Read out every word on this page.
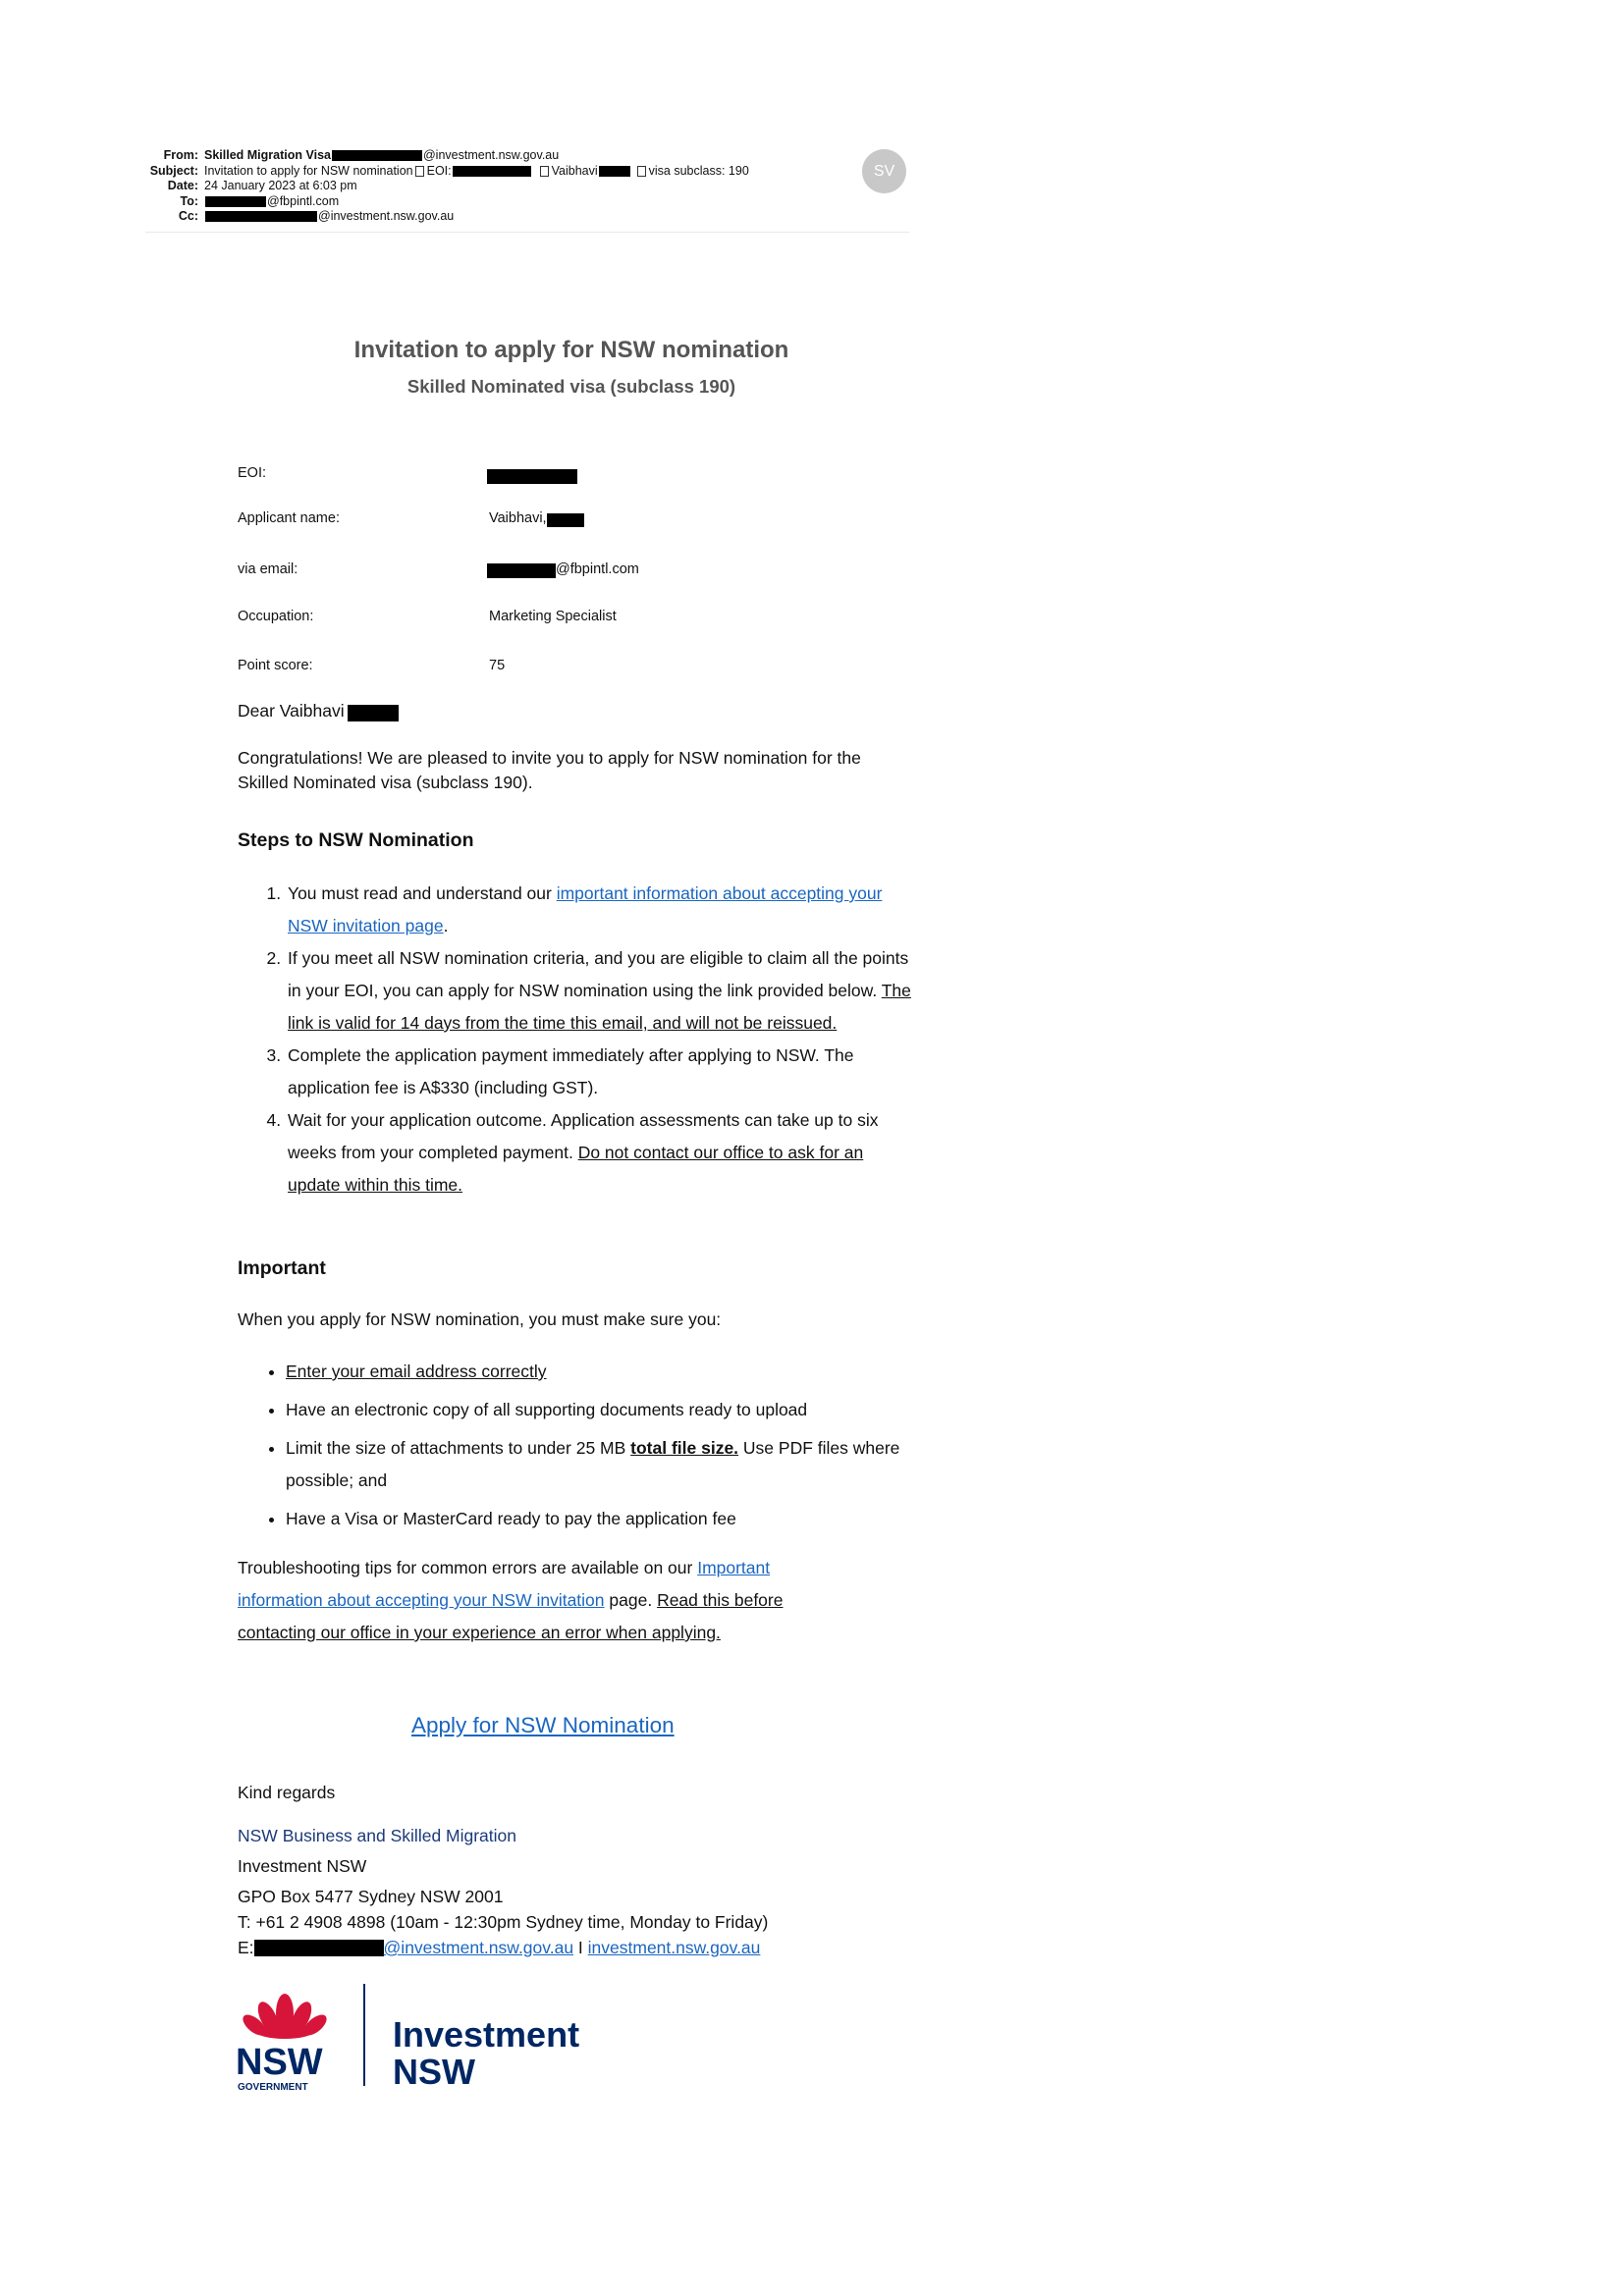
From: Skilled Migration Visa	@investment.nsw.gov.au
Subject: Invitation to apply for NSW nomination EOI:	Vaibhavi	visa subclass: 190
Date: 24 January 2023 at 6:03 pm
To:	@fbpintl.com
Cc:	@investment.nsw.gov.au
SV
Invitation to apply for NSW nomination
Skilled Nominated visa (subclass 190)
EOI:
Applicant name:	Vaibhavi,
via email:	@fbpintl.com
Occupation:	Marketing Specialist
Point score:	75
Dear Vaibhavi
Congratulations! We are pleased to invite you to apply for NSW nomination for the Skilled Nominated visa (subclass 190).
Steps to NSW Nomination
1. You must read and understand our important information about accepting your NSW invitation page.
2. If you meet all NSW nomination criteria, and you are eligible to claim all the points in your EOI, you can apply for NSW nomination using the link provided below. The link is valid for 14 days from the time this email, and will not be reissued.
3. Complete the application payment immediately after applying to NSW. The application fee is A$330 (including GST).
4. Wait for your application outcome. Application assessments can take up to six weeks from your completed payment. Do not contact our office to ask for an update within this time.
Important
When you apply for NSW nomination, you must make sure you:
• Enter your email address correctly
• Have an electronic copy of all supporting documents ready to upload
• Limit the size of attachments to under 25 MB total file size. Use PDF files where possible; and
• Have a Visa or MasterCard ready to pay the application fee
Troubleshooting tips for common errors are available on our Important information about accepting your NSW invitation page. Read this before contacting our office in your experience an error when applying.
Apply for NSW Nomination
Kind regards
NSW Business and Skilled Migration
Investment NSW
GPO Box 5477 Sydney NSW 2001
T: +61 2 4908 4898 (10am - 12:30pm Sydney time, Monday to Friday)
E:	@investment.nsw.gov.au I investment.nsw.gov.au
NSW
GOVERNMENT
Investment
NSW
